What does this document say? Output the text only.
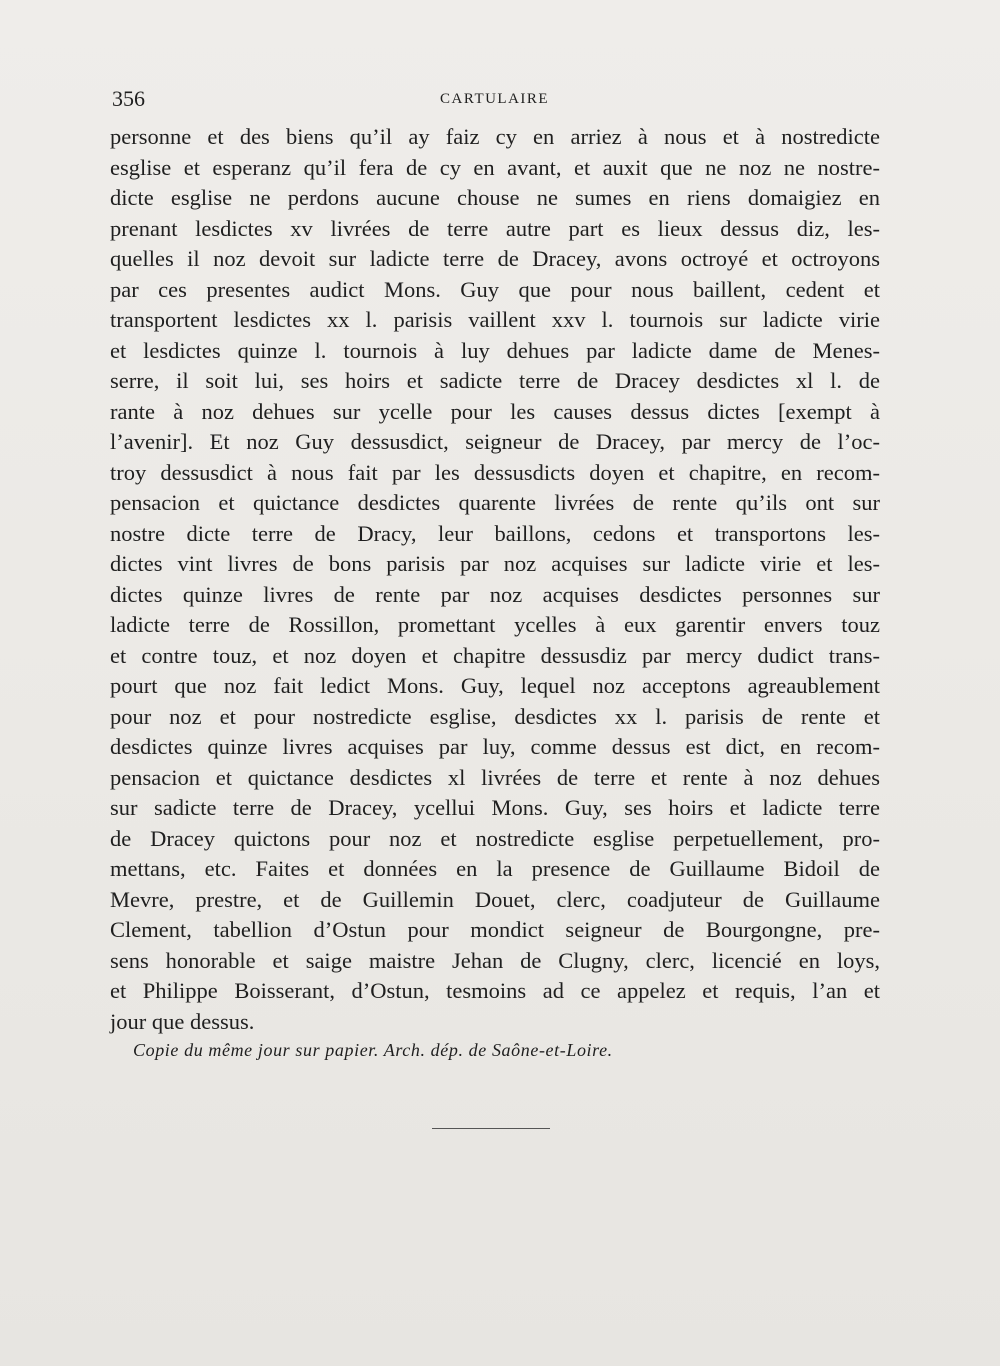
356	CARTULAIRE
personne et des biens qu’il ay faiz cy en arriez à nous et à nostredicte
esglise et esperanz qu’il fera de cy en avant, et auxit que ne noz ne nostre-
dicte esglise ne perdons aucune chouse ne sumes en riens domaigiez en
prenant lesdictes xv livrées de terre autre part es lieux dessus diz, les-
quelles il noz devoit sur ladicte terre de Dracey, avons octroyé et octroyons
par ces presentes audict Mons. Guy que pour nous baillent, cedent et
transportent lesdictes xx l. parisis vaillent xxv l. tournois sur ladicte virie
et lesdictes quinze l. tournois à luy dehues par ladicte dame de Menes-
serre, il soit lui, ses hoirs et sadicte terre de Dracey desdictes xl l. de
rante à noz dehues sur ycelle pour les causes dessus dictes [exempt à
l’avenir]. Et noz Guy dessusdict, seigneur de Dracey, par mercy de l’oc-
troy dessusdict à nous fait par les dessusdicts doyen et chapitre, en recom-
pensacion et quictance desdictes quarente livrées de rente qu’ils ont sur
nostre dicte terre de Dracy, leur baillons, cedons et transportons les-
dictes vint livres de bons parisis par noz acquises sur ladicte virie et les-
dictes quinze livres de rente par noz acquises desdictes personnes sur
ladicte terre de Rossillon, promettant ycelles à eux garentir envers touz
et contre touz, et noz doyen et chapitre dessusdiz par mercy dudict trans-
pourt que noz fait ledict Mons. Guy, lequel noz acceptons agreaublement
pour noz et pour nostredicte esglise, desdictes xx l. parisis de rente et
desdictes quinze livres acquises par luy, comme dessus est dict, en recom-
pensacion et quictance desdictes xl livrées de terre et rente à noz dehues
sur sadicte terre de Dracey, ycellui Mons. Guy, ses hoirs et ladicte terre
de Dracey quictons pour noz et nostredicte esglise perpetuellement, pro-
mettans, etc. Faites et données en la presence de Guillaume Bidoil de
Mevre, prestre, et de Guillemin Douet, clerc, coadjuteur de Guillaume
Clement, tabellion d’Ostun pour mondict seigneur de Bourgongne, pre-
sens honorable et saige maistre Jehan de Clugny, clerc, licencié en loys,
et Philippe Boisserant, d’Ostun, tesmoins ad ce appelez et requis, l’an et
jour que dessus.
Copie du même jour sur papier. Arch. dép. de Saône-et-Loire.
